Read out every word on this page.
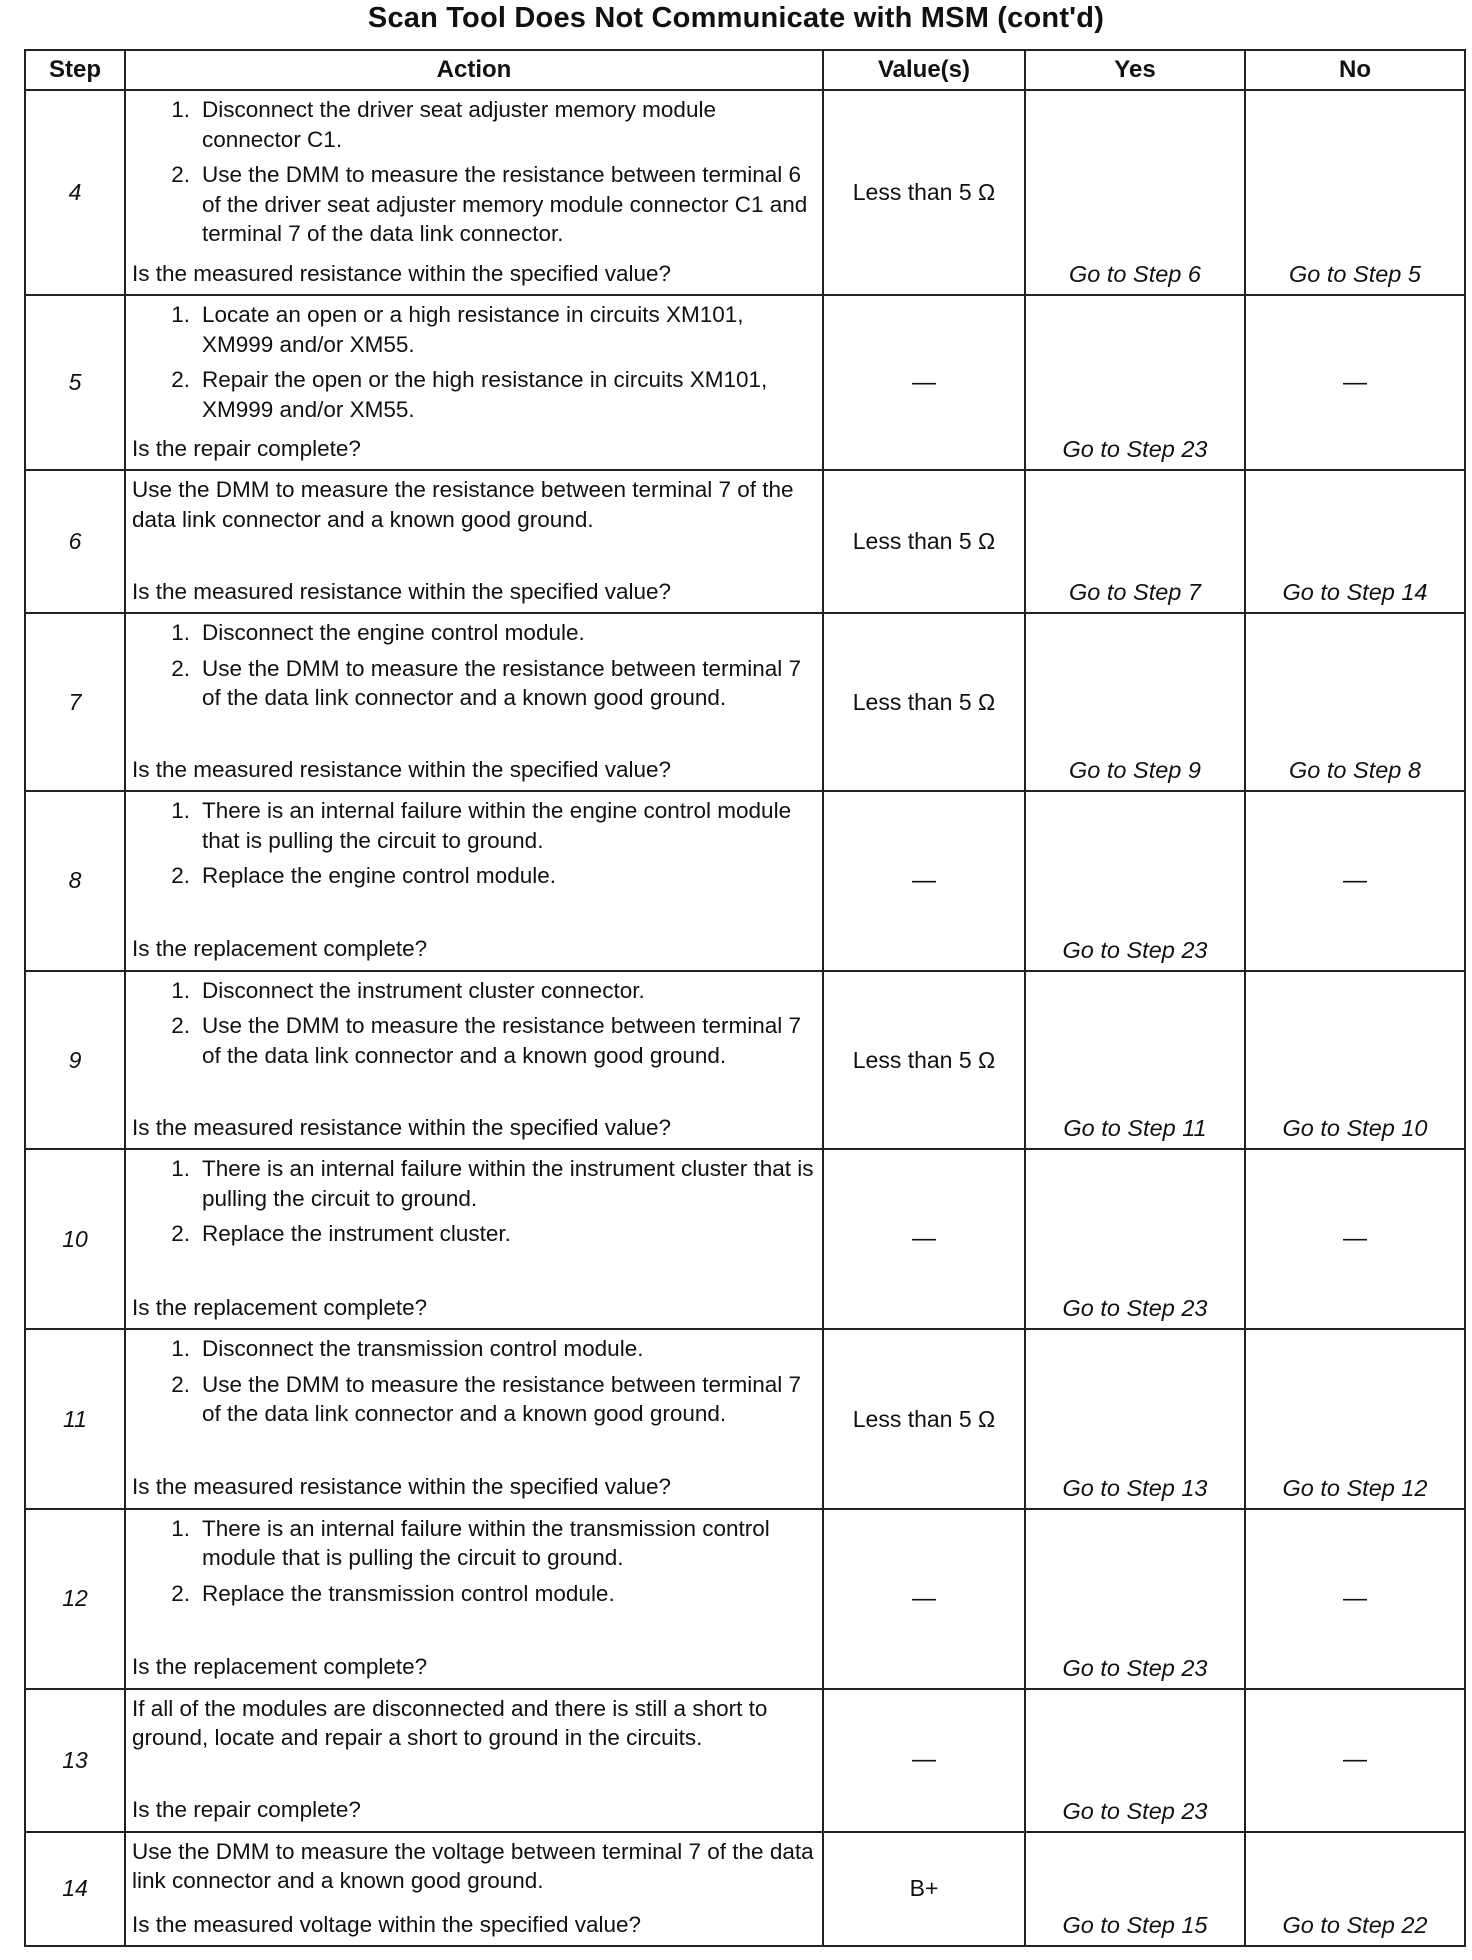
Scan Tool Does Not Communicate with MSM (cont'd)
Step	Action	Value(s)	Yes	No
4	1. Disconnect the driver seat adjuster memory module connector C1.
2. Use the DMM to measure the resistance between terminal 6 of the driver seat adjuster memory module connector C1 and terminal 7 of the data link connector.
Is the measured resistance within the specified value?	Less than 5 Ω	Go to Step 6	Go to Step 5
5	1. Locate an open or a high resistance in circuits XM101, XM999 and/or XM55.
2. Repair the open or the high resistance in circuits XM101, XM999 and/or XM55.
Is the repair complete?	—	Go to Step 23	—
6	Use the DMM to measure the resistance between terminal 7 of the data link connector and a known good ground.
Is the measured resistance within the specified value?	Less than 5 Ω	Go to Step 7	Go to Step 14
7	1. Disconnect the engine control module.
2. Use the DMM to measure the resistance between terminal 7 of the data link connector and a known good ground.
Is the measured resistance within the specified value?	Less than 5 Ω	Go to Step 9	Go to Step 8
8	1. There is an internal failure within the engine control module that is pulling the circuit to ground.
2. Replace the engine control module.
Is the replacement complete?	—	Go to Step 23	—
9	1. Disconnect the instrument cluster connector.
2. Use the DMM to measure the resistance between terminal 7 of the data link connector and a known good ground.
Is the measured resistance within the specified value?	Less than 5 Ω	Go to Step 11	Go to Step 10
10	1. There is an internal failure within the instrument cluster that is pulling the circuit to ground.
2. Replace the instrument cluster.
Is the replacement complete?	—	Go to Step 23	—
11	1. Disconnect the transmission control module.
2. Use the DMM to measure the resistance between terminal 7 of the data link connector and a known good ground.
Is the measured resistance within the specified value?	Less than 5 Ω	Go to Step 13	Go to Step 12
12	1. There is an internal failure within the transmission control module that is pulling the circuit to ground.
2. Replace the transmission control module.
Is the replacement complete?	—	Go to Step 23	—
13	If all of the modules are disconnected and there is still a short to ground, locate and repair a short to ground in the circuits.
Is the repair complete?	—	Go to Step 23	—
14	Use the DMM to measure the voltage between terminal 7 of the data link connector and a known good ground.
Is the measured voltage within the specified value?	B+	Go to Step 15	Go to Step 22
